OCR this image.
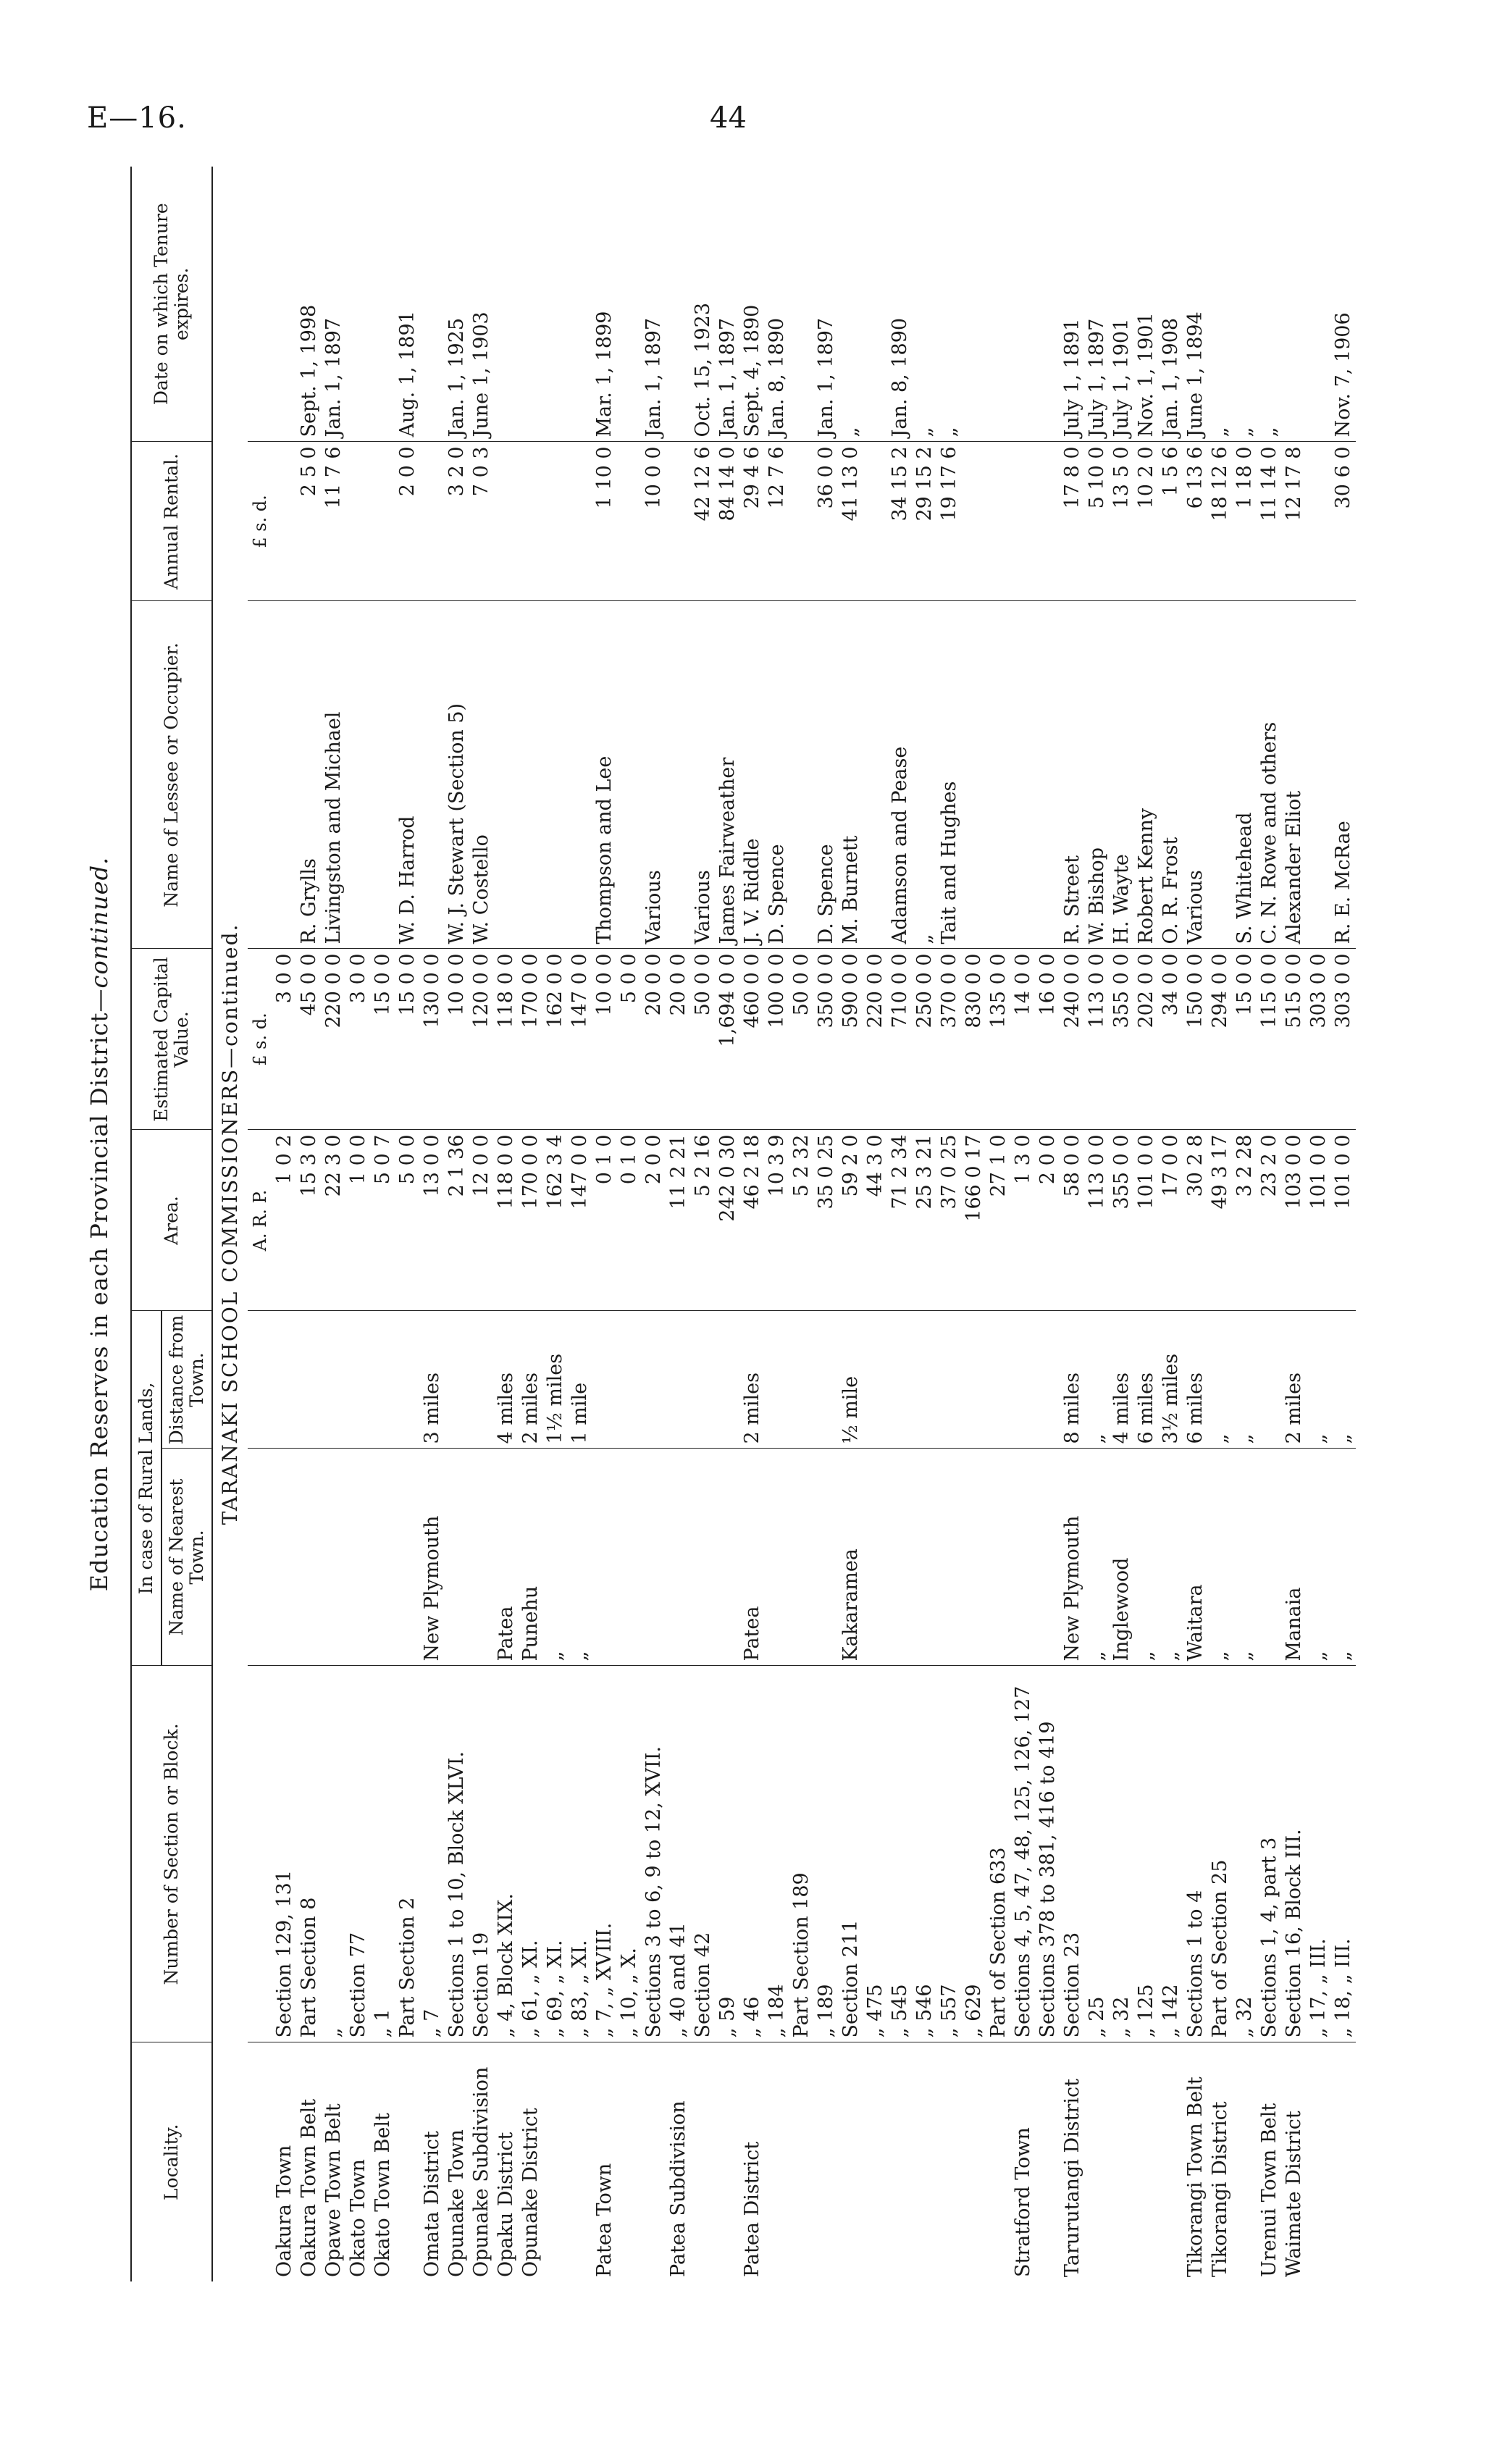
E—16.	44
Education Reserves in each Provincial District—continued.
Locality.	Number of Section or Block.	In case of Rural Lands,		Area.	Estimated Capital Value.	Name of Lessee or Occupier.	Annual Rental.	Date on which Tenure expires.
		Name of Nearest Town.	Distance from Town.					
TARANAKI SCHOOL COMMISSIONERS—continued.								
				A. R. P.	£ s. d.		£ s. d.	
Oakura Town	Section 129, 131			1 0 2	3 0 0			
Oakura Town Belt	Part Section 8			15 3 0	45 0 0	R. Grylls	2 5 0	Sept. 1, 1998
Opawe Town Belt	„			22 3 0	220 0 0	Livingston and Michael	11 7 6	Jan. 1, 1897
Okato Town	Section 77			1 0 0	3 0 0			
Okato Town Belt	„ 1			5 0 7	15 0 0			
	Part Section 2			5 0 0	15 0 0	W. D. Harrod	2 0 0	Aug. 1, 1891
Omata District	„ 7	New Plymouth	3 miles	13 0 0	130 0 0			
Opunake Town	Sections 1 to 10, Block XLVI.			2 1 36	10 0 0	W. J. Stewart (Section 5)	3 2 0	Jan. 1, 1925
Opunake Subdivision	Section 19			12 0 0	120 0 0	W. Costello	7 0 3	June 1, 1903
Opaku District	„ 4, Block XIX.	Patea	4 miles	118 0 0	118 0 0			
Opunake District	„ 61, „ XI.	Punehu	2 miles	170 0 0	170 0 0			
	„ 69, „ XI.	„	1½ miles	162 3 4	162 0 0			
	„ 83, „ XI.	„	1 mile	147 0 0	147 0 0			
Patea Town	„ 7, „ XVIII.			0 1 0	10 0 0	Thompson and Lee	1 10 0	Mar. 1, 1899
	„ 10, „ X.			0 1 0	5 0 0			
	Sections 3 to 6, 9 to 12, XVII.			2 0 0	20 0 0	Various	10 0 0	Jan. 1, 1897
Patea Subdivision	„ 40 and 41			11 2 21	20 0 0			
	Section 42			5 2 16	50 0 0	Various	42 12 6	Oct. 15, 1923
	„ 59			242 0 30	1,694 0 0	James Fairweather	84 14 0	Jan. 1, 1897
Patea District	„ 46	Patea	2 miles	46 2 18	460 0 0	J. V. Riddle	29 4 6	Sept. 4, 1890
	„ 184			10 3 9	100 0 0	D. Spence	12 7 6	Jan. 8, 1890
	Part Section 189			5 2 32	50 0 0			
	„ 189			35 0 25	350 0 0	D. Spence	36 0 0	Jan. 1, 1897
	Section 211	Kakaramea	½ mile	59 2 0	590 0 0	M. Burnett	41 13 0	„
	„ 475			44 3 0	220 0 0			
	„ 545			71 2 34	710 0 0	Adamson and Pease	34 15 2	Jan. 8, 1890
	„ 546			25 3 21	250 0 0	„	29 15 2	„
	„ 557			37 0 25	370 0 0	Tait and Hughes	19 17 6	„
	„ 629			166 0 17	830 0 0			
	Part of Section 633			27 1 0	135 0 0			
Stratford Town	Sections 4, 5, 47, 48, 125, 126, 127			1 3 0	14 0 0			
	Sections 378 to 381, 416 to 419			2 0 0	16 0 0			
Tarurutangi District	Section 23	New Plymouth	8 miles	58 0 0	240 0 0	R. Street	17 8 0	July 1, 1891
	„ 25	„	„	113 0 0	113 0 0	W. Bishop	5 10 0	July 1, 1897
	„ 32	Inglewood	4 miles	355 0 0	355 0 0	H. Wayte	13 5 0	July 1, 1901
	„ 125	„	6 miles	101 0 0	202 0 0	Robert Kenny	10 2 0	Nov. 1, 1901
	„ 142	„	3½ miles	17 0 0	34 0 0	O. R. Frost	1 5 6	Jan. 1, 1908
Tikorangi Town Belt	Sections 1 to 4	Waitara	6 miles	30 2 8	150 0 0	Various	6 13 6	June 1, 1894
Tikorangi District	Part of Section 25	„	„	49 3 17	294 0 0		18 12 6	„
	„ 32	„	„	3 2 28	15 0 0	S. Whitehead	1 18 0	„
Urenui Town Belt	Sections 1, 4, part 3			23 2 0	115 0 0	C. N. Rowe and others	11 14 0	„
Waimate District	Section 16, Block III.	Manaia	2 miles	103 0 0	515 0 0	Alexander Eliot	12 17 8	
	„ 17, „ III.	„	„	101 0 0	303 0 0			
	„ 18, „ III.	„	„	101 0 0	303 0 0	R. E. McRae	30 6 0	Nov. 7, 1906
